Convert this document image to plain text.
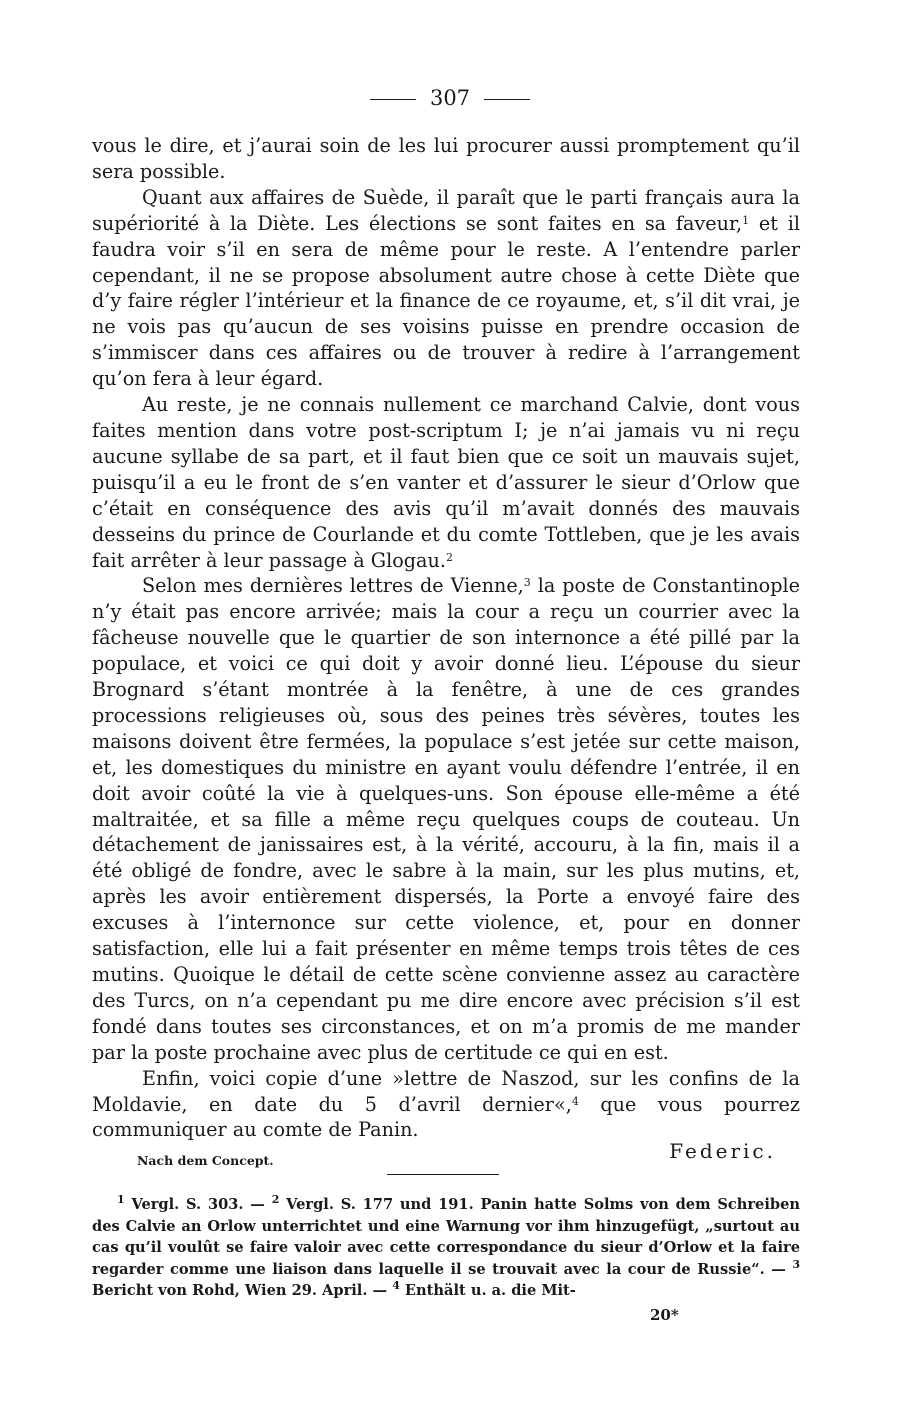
307

vous le dire, et j’aurai soin de les lui procurer aussi promptement qu’il sera possible.

Quant aux affaires de Suède, il paraît que le parti français aura la supériorité à la Diète. Les élections se sont faites en sa faveur,$^1$ et il faudra voir s’il en sera de même pour le reste. A l’entendre parler cependant, il ne se propose absolument autre chose à cette Diète que d’y faire régler l’intérieur et la finance de ce royaume, et, s’il dit vrai, je ne vois pas qu’aucun de ses voisins puisse en prendre occasion de s’immiscer dans ces affaires ou de trouver à redire à l’arrangement qu’on fera à leur égard.

Au reste, je ne connais nullement ce marchand Calvie, dont vous faites mention dans votre post-scriptum I; je n’ai jamais vu ni reçu aucune syllabe de sa part, et il faut bien que ce soit un mauvais sujet, puisqu’il a eu le front de s’en vanter et d’assurer le sieur d’Orlow que c’était en conséquence des avis qu’il m’avait donnés des mauvais desseins du prince de Courlande et du comte Tottleben, que je les avais fait arrêter à leur passage à Glogau.$^2$

Selon mes dernières lettres de Vienne,$^3$ la poste de Constantinople n’y était pas encore arrivée; mais la cour a reçu un courrier avec la fâcheuse nouvelle que le quartier de son internonce a été pillé par la populace, et voici ce qui doit y avoir donné lieu. L’épouse du sieur Brognard s’étant montrée à la fenêtre, à une de ces grandes processions religieuses où, sous des peines très sévères, toutes les maisons doivent être fermées, la populace s’est jetée sur cette maison, et, les domestiques du ministre en ayant voulu défendre l’entrée, il en doit avoir coûté la vie à quelques-uns. Son épouse elle-même a été maltraitée, et sa fille a même reçu quelques coups de couteau. Un détachement de janissaires est, à la vérité, accouru, à la fin, mais il a été obligé de fondre, avec le sabre à la main, sur les plus mutins, et, après les avoir entièrement dispersés, la Porte a envoyé faire des excuses à l’internonce sur cette violence, et, pour en donner satisfaction, elle lui a fait présenter en même temps trois têtes de ces mutins. Quoique le détail de cette scène convienne assez au caractère des Turcs, on n’a cependant pu me dire encore avec précision s’il est fondé dans toutes ses circonstances, et on m’a promis de me mander par la poste prochaine avec plus de certitude ce qui en est.

Enfin, voici copie d’une »lettre de Naszod, sur les confins de la Moldavie, en date du 5 d’avril dernier«,$^4$ que vous pourrez communiquer au comte de Panin.

Nach dem Concept.	Federic.

$^1$ Vergl. S. 303. — $^2$ Vergl. S. 177 und 191. Panin hatte Solms von dem Schreiben des Calvie an Orlow unterrichtet und eine Warnung vor ihm hinzugefügt, „surtout au cas qu’il voulût se faire valoir avec cette correspondance du sieur d’Orlow et la faire regarder comme une liaison dans laquelle il se trouvait avec la cour de Russie“. — $^3$ Bericht von Rohd, Wien 29. April. — $^4$ Enthält u. a. die Mit-

20*
